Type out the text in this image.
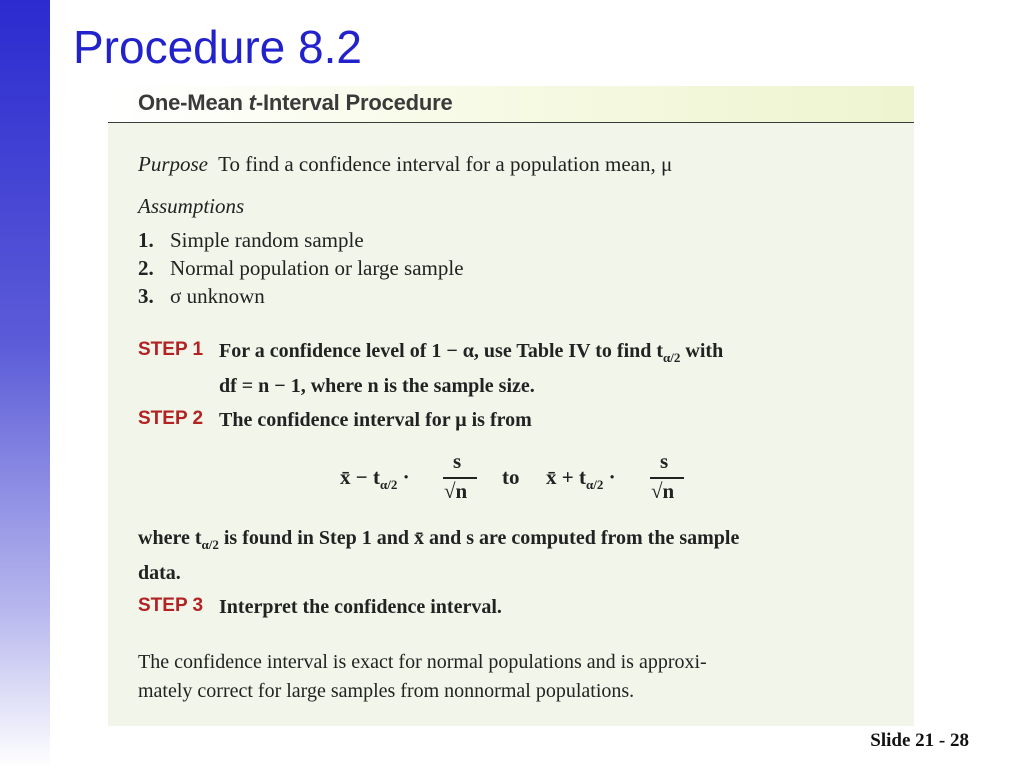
Procedure 8.2
One-Mean t-Interval Procedure
Purpose To find a confidence interval for a population mean, μ
Assumptions
1. Simple random sample
2. Normal population or large sample
3. σ unknown
STEP 1 For a confidence level of 1 − α, use Table IV to find $t_{\alpha/2}$ with
df = n − 1, where n is the sample size.
STEP 2 The confidence interval for μ is from
x̄ − $t_{\alpha/2}$ ·
s
√n
to x̄ + $t_{\alpha/2}$ ·
s
√n
where $t_{\alpha/2}$ is found in Step 1 and x̄ and s are computed from the sample
data.
STEP 3 Interpret the confidence interval.
The confidence interval is exact for normal populations and is approxi-
mately correct for large samples from nonnormal populations.
Slide 21 - 28
